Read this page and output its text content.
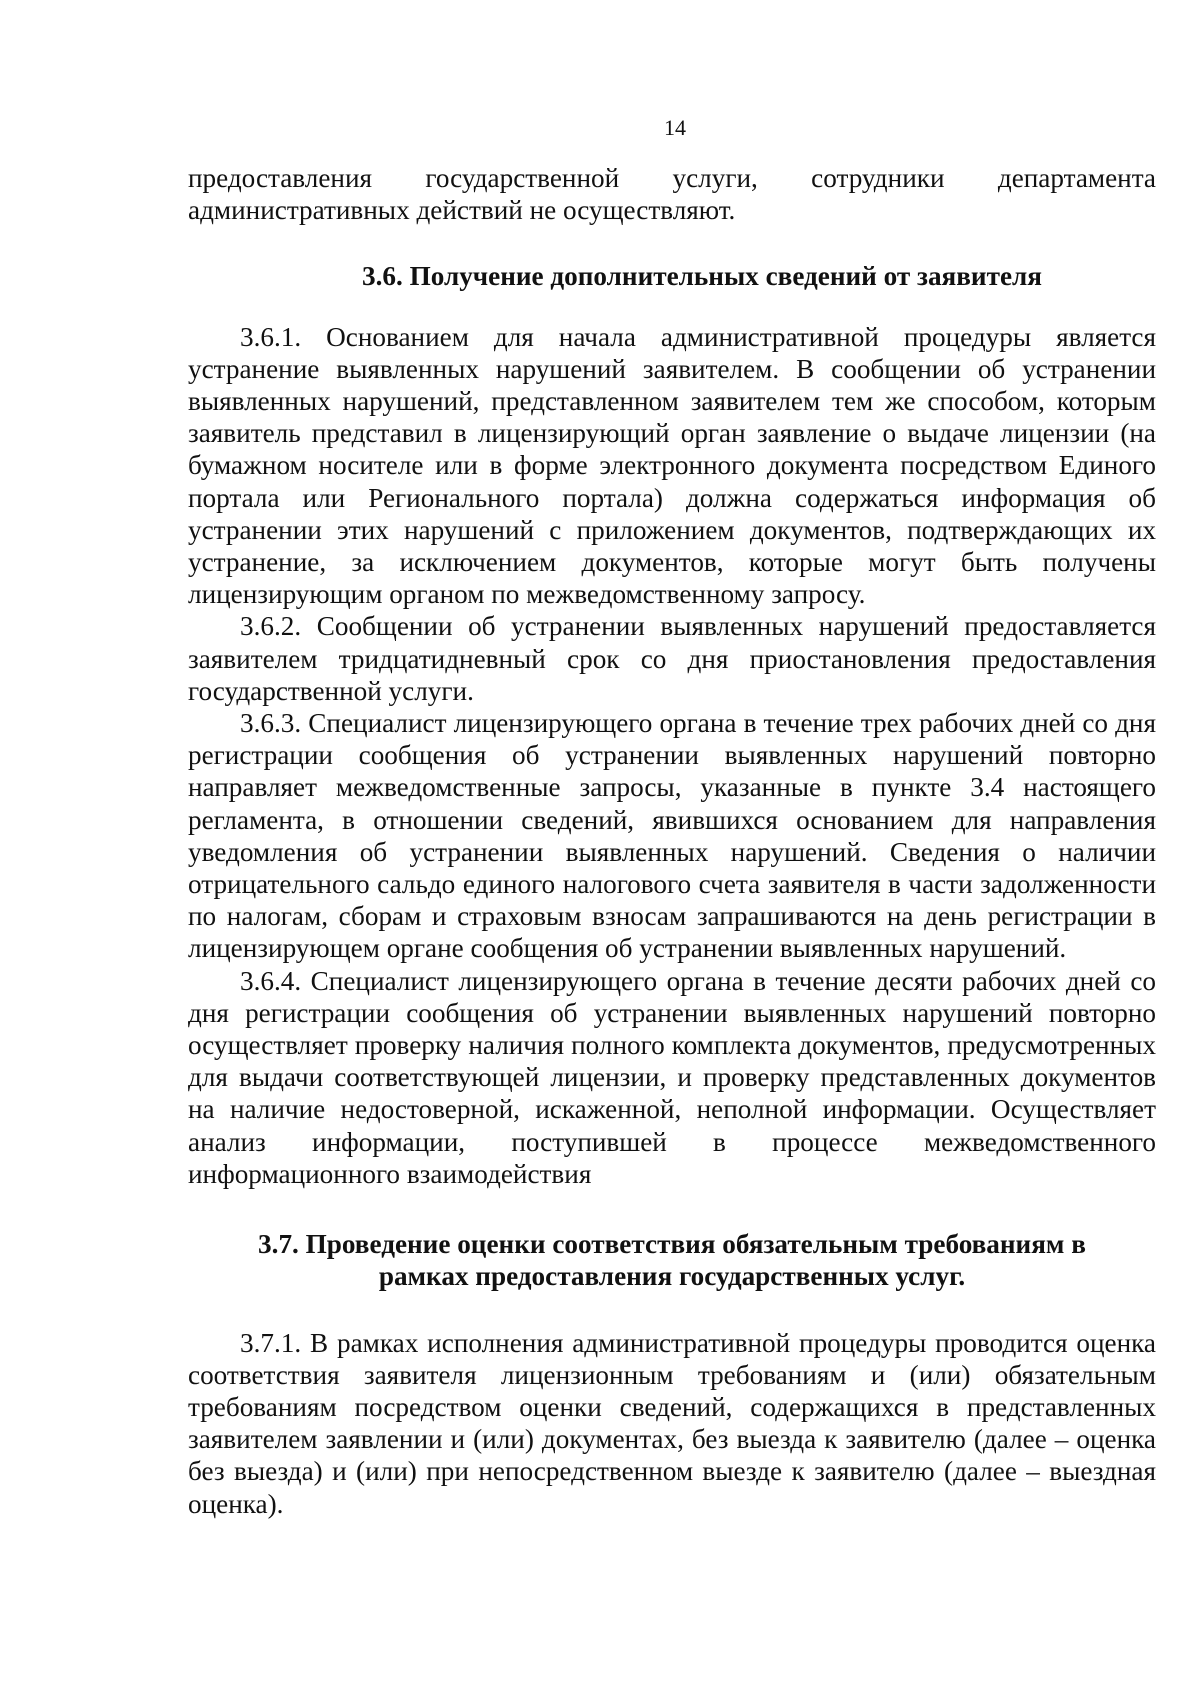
14

предоставления государственной услуги, сотрудники департамента административных действий не осуществляют.

3.6. Получение дополнительных сведений от заявителя

3.6.1. Основанием для начала административной процедуры является устранение выявленных нарушений заявителем. В сообщении об устранении выявленных нарушений, представленном заявителем тем же способом, которым заявитель представил в лицензирующий орган заявление о выдаче лицензии (на бумажном носителе или в форме электронного документа посредством Единого портала или Регионального портала) должна содержаться информация об устранении этих нарушений с приложением документов, подтверждающих их устранение, за исключением документов, которые могут быть получены лицензирующим органом по межведомственному запросу.

3.6.2. Сообщении об устранении выявленных нарушений предоставляется заявителем тридцатидневный срок со дня приостановления предоставления государственной услуги.

3.6.3. Специалист лицензирующего органа в течение трех рабочих дней со дня регистрации сообщения об устранении выявленных нарушений повторно направляет межведомственные запросы, указанные в пункте 3.4 настоящего регламента, в отношении сведений, явившихся основанием для направления уведомления об устранении выявленных нарушений. Сведения о наличии отрицательного сальдо единого налогового счета заявителя в части задолженности по налогам, сборам и страховым взносам запрашиваются на день регистрации в лицензирующем органе сообщения об устранении выявленных нарушений.

3.6.4. Специалист лицензирующего органа в течение десяти рабочих дней со дня регистрации сообщения об устранении выявленных нарушений повторно осуществляет проверку наличия полного комплекта документов, предусмотренных для выдачи соответствующей лицензии, и проверку представленных документов на наличие недостоверной, искаженной, неполной информации. Осуществляет анализ информации, поступившей в процессе межведомственного информационного взаимодействия

3.7. Проведение оценки соответствия обязательным требованиям в
рамках предоставления государственных услуг.

3.7.1. В рамках исполнения административной процедуры проводится оценка соответствия заявителя лицензионным требованиям и (или) обязательным требованиям посредством оценки сведений, содержащихся в представленных заявителем заявлении и (или) документах, без выезда к заявителю (далее – оценка без выезда) и (или) при непосредственном выезде к заявителю (далее – выездная оценка).
